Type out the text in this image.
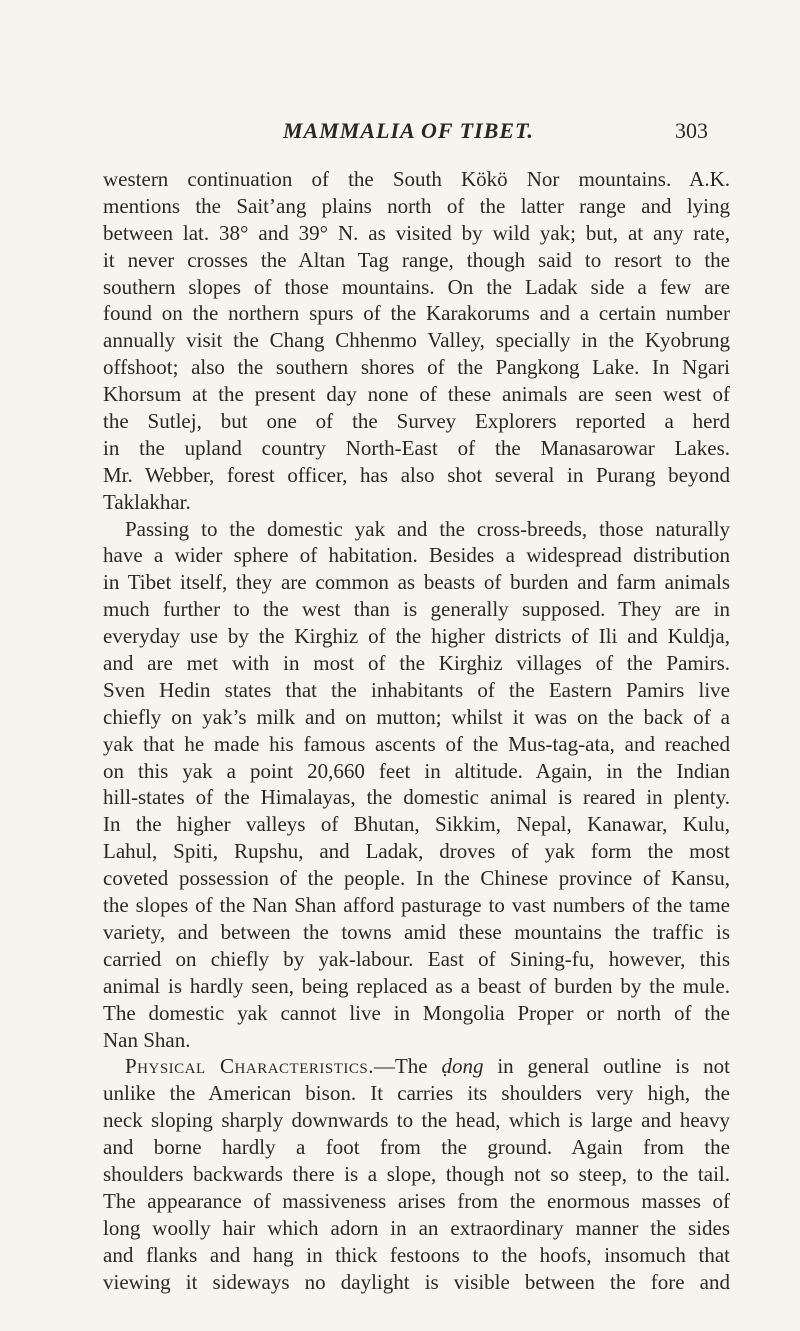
MAMMALIA OF TIBET.	303
western continuation of the South Kökö Nor mountains. A.K.
mentions the Sait’ang plains north of the latter range and lying
between lat. 38° and 39° N. as visited by wild yak; but, at any rate,
it never crosses the Altan Tag range, though said to resort to the
southern slopes of those mountains. On the Ladak side a few are
found on the northern spurs of the Karakorums and a certain number
annually visit the Chang Chhenmo Valley, specially in the Kyobrung
offshoot; also the southern shores of the Pangkong Lake. In Ngari
Khorsum at the present day none of these animals are seen west of
the Sutlej, but one of the Survey Explorers reported a herd
in the upland country North-East of the Manasarowar Lakes.
Mr. Webber, forest officer, has also shot several in Purang beyond
Taklakhar.
Passing to the domestic yak and the cross-breeds, those naturally
have a wider sphere of habitation. Besides a widespread distribution
in Tibet itself, they are common as beasts of burden and farm animals
much further to the west than is generally supposed. They are in
everyday use by the Kirghiz of the higher districts of Ili and Kuldja,
and are met with in most of the Kirghiz villages of the Pamirs.
Sven Hedin states that the inhabitants of the Eastern Pamirs live
chiefly on yak’s milk and on mutton; whilst it was on the back of a
yak that he made his famous ascents of the Mus-tag-ata, and reached
on this yak a point 20,660 feet in altitude. Again, in the Indian
hill-states of the Himalayas, the domestic animal is reared in plenty.
In the higher valleys of Bhutan, Sikkim, Nepal, Kanawar, Kulu,
Lahul, Spiti, Rupshu, and Ladak, droves of yak form the most
coveted possession of the people. In the Chinese province of Kansu,
the slopes of the Nan Shan afford pasturage to vast numbers of the tame
variety, and between the towns amid these mountains the traffic is
carried on chiefly by yak-labour. East of Sining-fu, however, this
animal is hardly seen, being replaced as a beast of burden by the mule.
The domestic yak cannot live in Mongolia Proper or north of the
Nan Shan.
Physical Characteristics.—The ḍong in general outline is not
unlike the American bison. It carries its shoulders very high, the
neck sloping sharply downwards to the head, which is large and heavy
and borne hardly a foot from the ground. Again from the
shoulders backwards there is a slope, though not so steep, to the tail.
The appearance of massiveness arises from the enormous masses of
long woolly hair which adorn in an extraordinary manner the sides
and flanks and hang in thick festoons to the hoofs, insomuch that
viewing it sideways no daylight is visible between the fore and
